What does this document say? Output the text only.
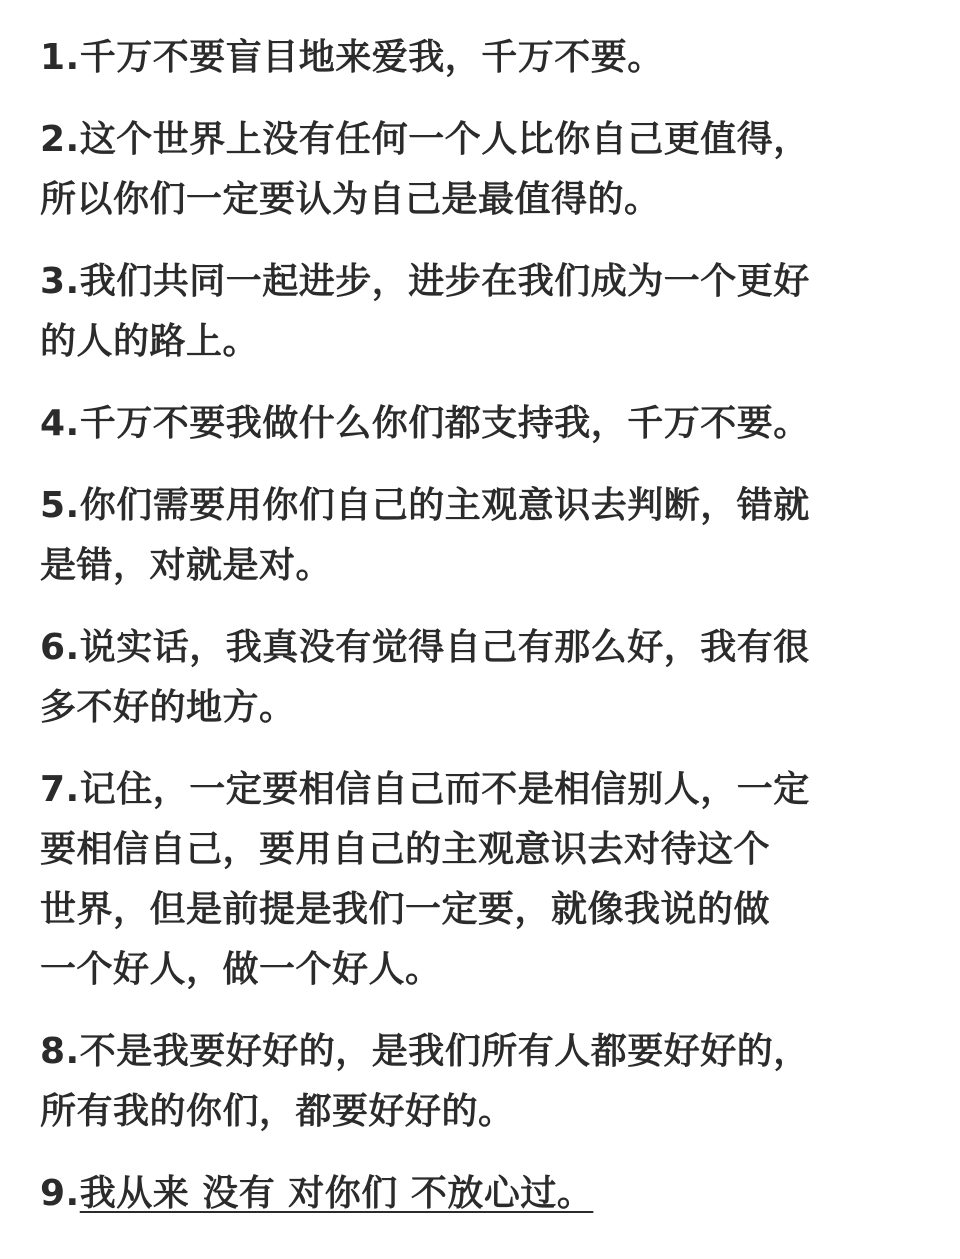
1.千万不要盲目地来爱我，千万不要。
2.这个世界上没有任何一个人比你自己更值得，
所以你们一定要认为自己是最值得的。
3.我们共同一起进步，进步在我们成为一个更好
的人的路上。
4.千万不要我做什么你们都支持我，千万不要。
5.你们需要用你们自己的主观意识去判断，错就
是错，对就是对。
6.说实话，我真没有觉得自己有那么好，我有很
多不好的地方。
7.记住，一定要相信自己而不是相信别人，一定
要相信自己，要用自己的主观意识去对待这个
世界，但是前提是我们一定要，就像我说的做
一个好人，做一个好人。
8.不是我要好好的，是我们所有人都要好好的，
所有我的你们，都要好好的。
9.我从来 没有 对你们 不放心过。
